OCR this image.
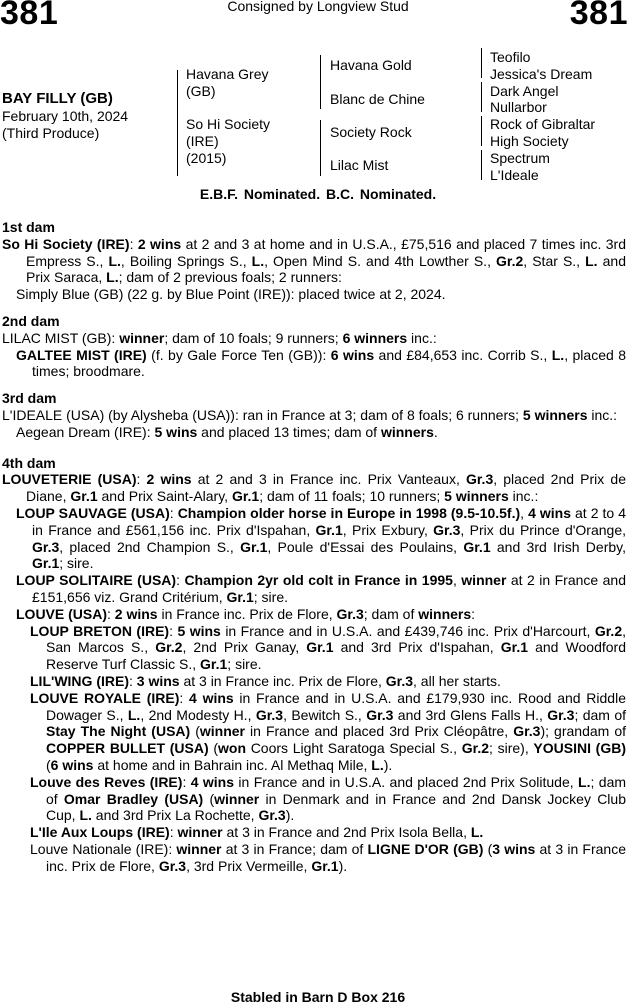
381	Consigned by Longview Stud	381
BAY FILLY (GB)
February 10th, 2024
(Third Produce)
Havana Grey
(GB)
So Hi Society
(IRE)
(2015)
Havana Gold
Blanc de Chine
Society Rock
Lilac Mist
Teofilo
Jessica's Dream
Dark Angel
Nullarbor
Rock of Gibraltar
High Society
Spectrum
L'Ideale
E.B.F. Nominated. B.C. Nominated.
1st dam

So Hi Society (IRE): 2 wins at 2 and 3 at home and in U.S.A., £75,516 and placed 7 times inc. 3rd Empress S., L., Boiling Springs S., L., Open Mind S. and 4th Lowther S., Gr.2, Star S., L. and Prix Saraca, L.; dam of 2 previous foals; 2 runners:

Simply Blue (GB) (22 g. by Blue Point (IRE)): placed twice at 2, 2024.

2nd dam

LILAC MIST (GB): winner; dam of 10 foals; 9 runners; 6 winners inc.:

GALTEE MIST (IRE) (f. by Gale Force Ten (GB)): 6 wins and £84,653 inc. Corrib S., L., placed 8 times; broodmare.

3rd dam

L'IDEALE (USA) (by Alysheba (USA)): ran in France at 3; dam of 8 foals; 6 runners; 5 winners inc.:

Aegean Dream (IRE): 5 wins and placed 13 times; dam of winners.

4th dam

LOUVETERIE (USA): 2 wins at 2 and 3 in France inc. Prix Vanteaux, Gr.3, placed 2nd Prix de Diane, Gr.1 and Prix Saint-Alary, Gr.1; dam of 11 foals; 10 runners; 5 winners inc.:

LOUP SAUVAGE (USA): Champion older horse in Europe in 1998 (9.5-10.5f.), 4 wins at 2 to 4 in France and £561,156 inc. Prix d'Ispahan, Gr.1, Prix Exbury, Gr.3, Prix du Prince d'Orange, Gr.3, placed 2nd Champion S., Gr.1, Poule d'Essai des Poulains, Gr.1 and 3rd Irish Derby, Gr.1; sire.

LOUP SOLITAIRE (USA): Champion 2yr old colt in France in 1995, winner at 2 in France and £151,656 viz. Grand Critérium, Gr.1; sire.

LOUVE (USA): 2 wins in France inc. Prix de Flore, Gr.3; dam of winners:

LOUP BRETON (IRE): 5 wins in France and in U.S.A. and £439,746 inc. Prix d'Harcourt, Gr.2, San Marcos S., Gr.2, 2nd Prix Ganay, Gr.1 and 3rd Prix d'Ispahan, Gr.1 and Woodford Reserve Turf Classic S., Gr.1; sire.

LIL'WING (IRE): 3 wins at 3 in France inc. Prix de Flore, Gr.3, all her starts.

LOUVE ROYALE (IRE): 4 wins in France and in U.S.A. and £179,930 inc. Rood and Riddle Dowager S., L., 2nd Modesty H., Gr.3, Bewitch S., Gr.3 and 3rd Glens Falls H., Gr.3; dam of Stay The Night (USA) (winner in France and placed 3rd Prix Cléopâtre, Gr.3); grandam of COPPER BULLET (USA) (won Coors Light Saratoga Special S., Gr.2; sire), YOUSINI (GB) (6 wins at home and in Bahrain inc. Al Methaq Mile, L.).

Louve des Reves (IRE): 4 wins in France and in U.S.A. and placed 2nd Prix Solitude, L.; dam of Omar Bradley (USA) (winner in Denmark and in France and 2nd Dansk Jockey Club Cup, L. and 3rd Prix La Rochette, Gr.3).

L'Ile Aux Loups (IRE): winner at 3 in France and 2nd Prix Isola Bella, L.

Louve Nationale (IRE): winner at 3 in France; dam of LIGNE D'OR (GB) (3 wins at 3 in France inc. Prix de Flore, Gr.3, 3rd Prix Vermeille, Gr.1).

Stabled in Barn D Box 216
